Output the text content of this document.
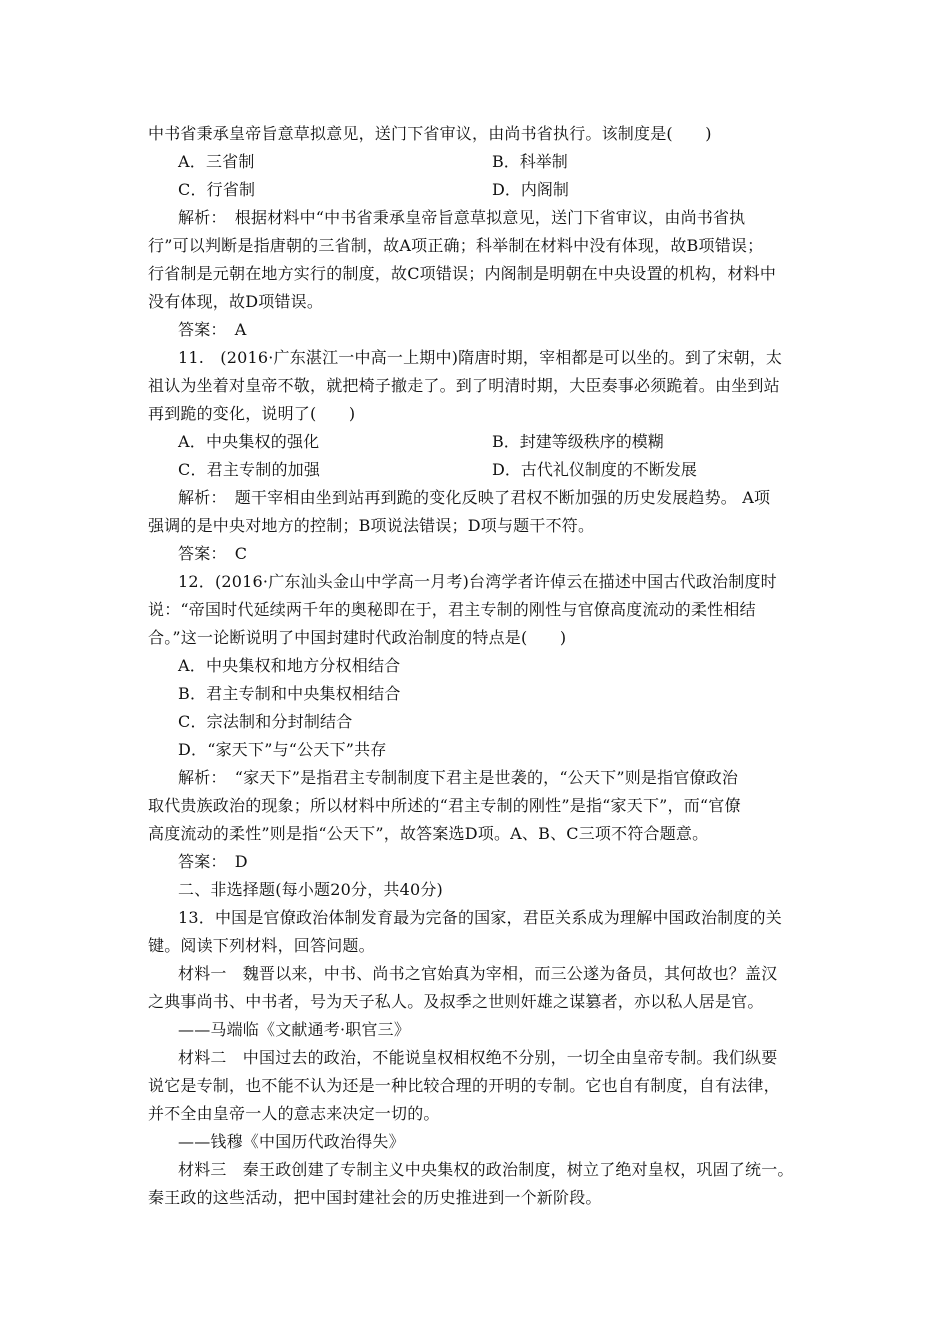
中书省秉承皇帝旨意草拟意见，送门下省审议，由尚书省执行。该制度是(　　)
A．三省制	B．科举制
C．行省制	D．内阁制
解析：　根据材料中“中书省秉承皇帝旨意草拟意见，送门下省审议，由尚书省执
行”可以判断是指唐朝的三省制，故A项正确；科举制在材料中没有体现，故B项错误；
行省制是元朝在地方实行的制度，故C项错误；内阁制是明朝在中央设置的机构，材料中
没有体现，故D项错误。
答案：　A
11.　(2016·广东湛江一中高一上期中)隋唐时期，宰相都是可以坐的。到了宋朝，太
祖认为坐着对皇帝不敬，就把椅子撤走了。到了明清时期，大臣奏事必须跪着。由坐到站
再到跪的变化，说明了(　　)
A．中央集权的强化	B．封建等级秩序的模糊
C．君主专制的加强	D．古代礼仪制度的不断发展
解析：　题干宰相由坐到站再到跪的变化反映了君权不断加强的历史发展趋势。 A项
强调的是中央对地方的控制；B项说法错误；D项与题干不符。
答案：　C
12．(2016·广东汕头金山中学高一月考)台湾学者许倬云在描述中国古代政治制度时
说：“帝国时代延续两千年的奥秘即在于，君主专制的刚性与官僚高度流动的柔性相结
合。”这一论断说明了中国封建时代政治制度的特点是(　　)
A．中央集权和地方分权相结合
B．君主专制和中央集权相结合
C．宗法制和分封制结合
D．“家天下”与“公天下”共存
解析：　“家天下”是指君主专制制度下君主是世袭的，“公天下”则是指官僚政治
取代贵族政治的现象；所以材料中所述的“君主专制的刚性”是指“家天下”，而“官僚
高度流动的柔性”则是指“公天下”，故答案选D项。A、B、C三项不符合题意。
答案：　D
二、非选择题(每小题20分，共40分)
13．中国是官僚政治体制发育最为完备的国家，君臣关系成为理解中国政治制度的关
键。阅读下列材料，回答问题。
材料一　魏晋以来，中书、尚书之官始真为宰相，而三公遂为备员，其何故也？盖汉
之典事尚书、中书者，号为天子私人。及叔季之世则奸雄之谋篡者，亦以私人居是官。
——马端临《文献通考·职官三》
材料二　中国过去的政治，不能说皇权相权绝不分别，一切全由皇帝专制。我们纵要
说它是专制，也不能不认为还是一种比较合理的开明的专制。它也自有制度，自有法律，
并不全由皇帝一人的意志来决定一切的。
——钱穆《中国历代政治得失》
材料三　秦王政创建了专制主义中央集权的政治制度，树立了绝对皇权，巩固了统一。
秦王政的这些活动，把中国封建社会的历史推进到一个新阶段。
